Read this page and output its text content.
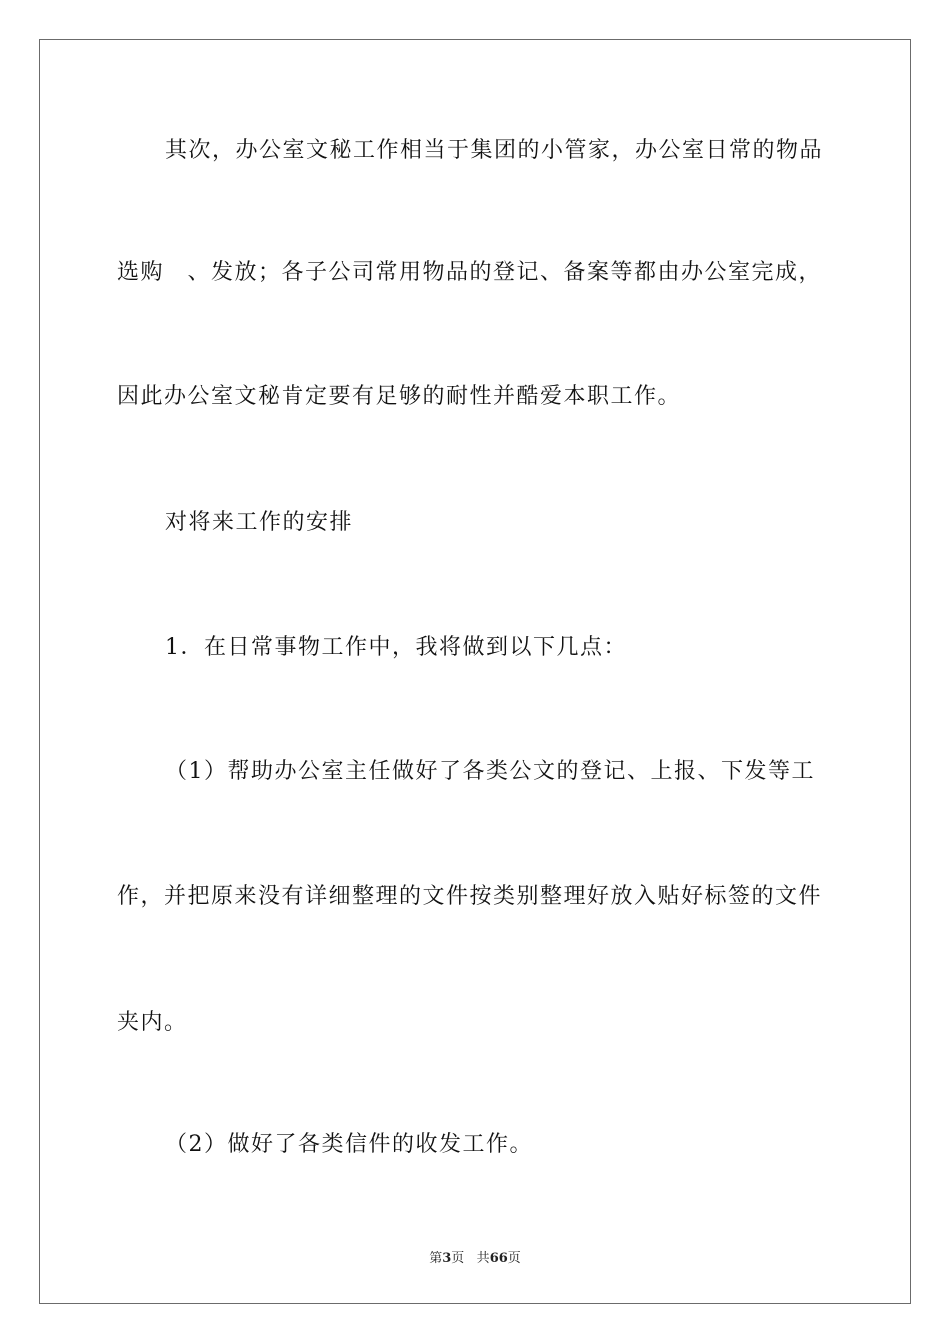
其次，办公室文秘工作相当于集团的小管家，办公室日常的物品
选购　、发放；各子公司常用物品的登记、备案等都由办公室完成，
因此办公室文秘肯定要有足够的耐性并酷爱本职工作。
对将来工作的安排
1．在日常事物工作中，我将做到以下几点：
（1）帮助办公室主任做好了各类公文的登记、上报、下发等工
作，并把原来没有详细整理的文件按类别整理好放入贴好标签的文件
夹内。
（2）做好了各类信件的收发工作。
第3页 共66页
